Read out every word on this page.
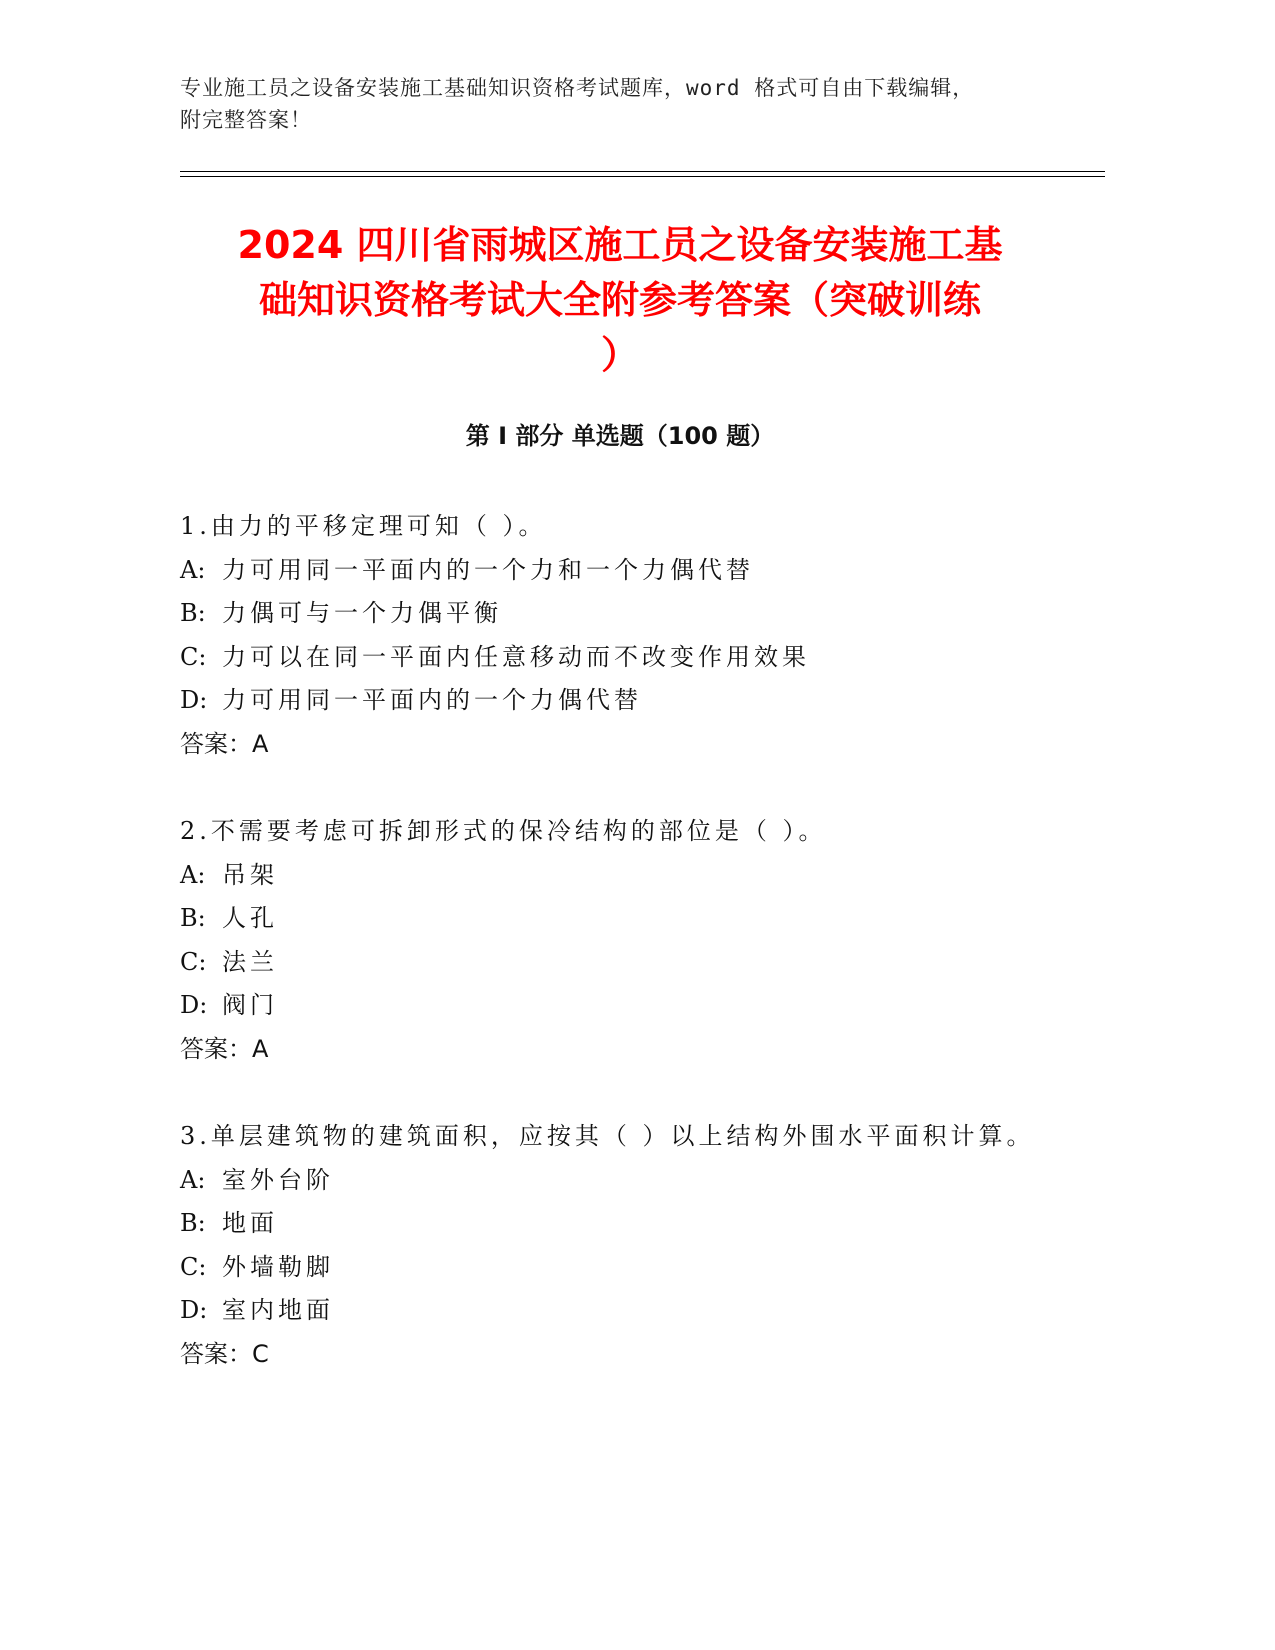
专业施工员之设备安装施工基础知识资格考试题库，word 格式可自由下载编辑，
附完整答案！
2024 四川省雨城区施工员之设备安装施工基
础知识资格考试大全附参考答案（突破训练
）
第 I 部分 单选题（100 题）
1.由力的平移定理可知（ ）。
A: 力可用同一平面内的一个力和一个力偶代替
B: 力偶可与一个力偶平衡
C: 力可以在同一平面内任意移动而不改变作用效果
D: 力可用同一平面内的一个力偶代替
答案：A
2.不需要考虑可拆卸形式的保冷结构的部位是（ ）。
A: 吊架
B: 人孔
C: 法兰
D: 阀门
答案：A
3.单层建筑物的建筑面积，应按其（ ）以上结构外围水平面积计算。
A: 室外台阶
B: 地面
C: 外墙勒脚
D: 室内地面
答案：C
